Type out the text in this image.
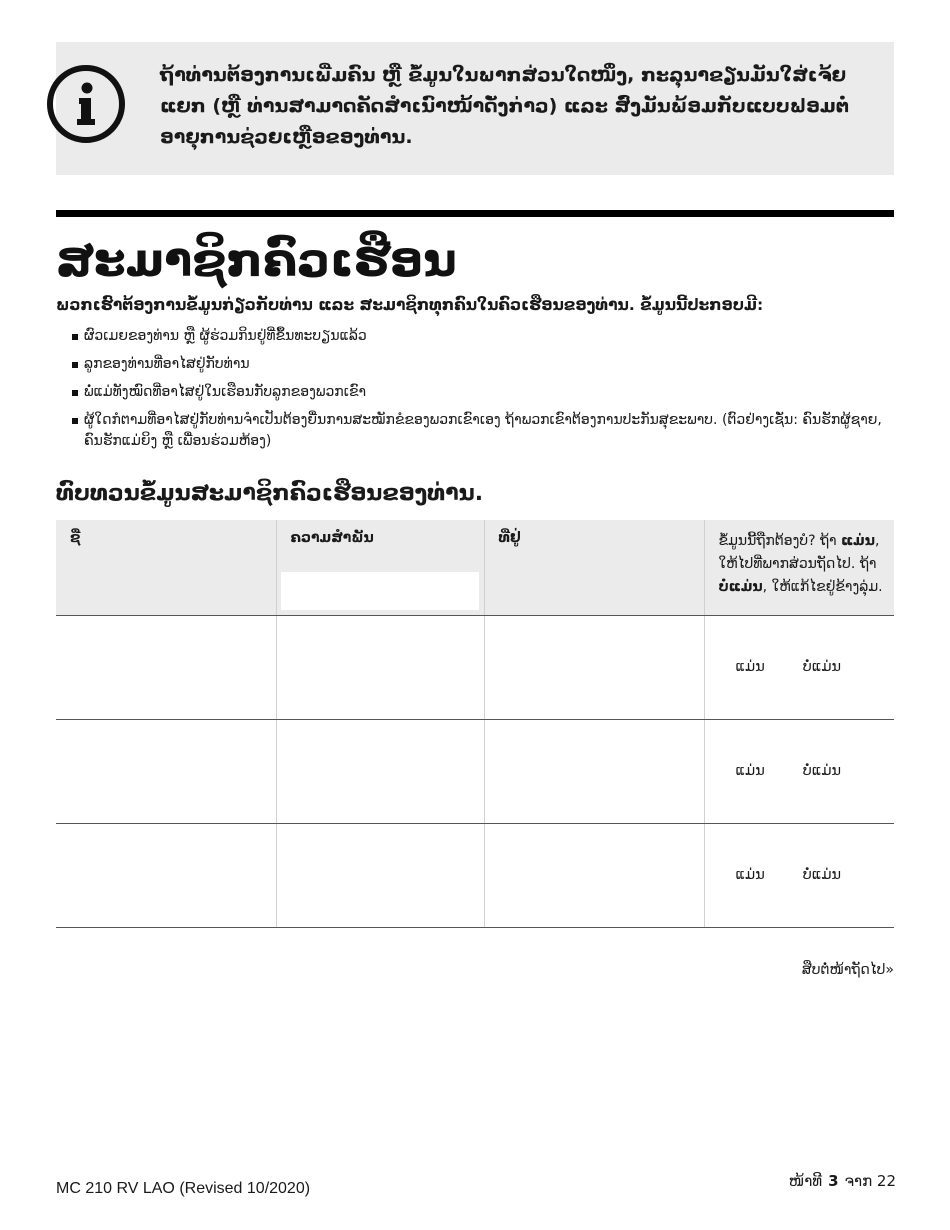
ຖ້າທ່ານຕ້ອງການເພີ່ມຄົນ ຫຼື ຂໍ້ມູນໃນພາກສ່ວນໃດໜຶ່ງ, ກະລຸນາຂຽນມັນໃສ່ເຈ້ຍແຍກ (ຫຼື ທ່ານສາມາດຄັດສຳເນົາໜ້າດັ່ງກ່າວ) ແລະ ສົ່ງມັນພ້ອມກັບແບບຟອມຕໍ່ອາຍຸການຊ່ວຍເຫຼືອຂອງທ່ານ.
ສະມາຊິກຄົວເຮືອນ
ພວກເຮົາຕ້ອງການຂໍ້ມູນກ່ຽວກັບທ່ານ ແລະ ສະມາຊິກທຸກຄົນໃນຄົວເຮືອນຂອງທ່ານ. ຂໍ້ມູນນີ້ປະກອບມີ:
ຜົວເມຍຂອງທ່ານ ຫຼື ຜູ້ຮ່ວມກິນຢູ່ທີ່ຂຶ້ນທະບຽນແລ້ວ
ລູກຂອງທ່ານທີ່ອາໄສຢູ່ກັບທ່ານ
ພໍ່ແມ່ທັງໝົດທີ່ອາໄສຢູ່ໃນເຮືອນກັບລູກຂອງພວກເຂົາ
ຜູ້ໃດກໍຕາມທີ່ອາໄສຢູ່ກັບທ່ານຈຳເປັນຕ້ອງຍື່ນການສະໝັກຂໍຂອງພວກເຂົາເອງ ຖ້າພວກເຂົາຕ້ອງການປະກັນສຸຂະພາບ. (ຕົວຢ່າງເຊັ່ນ: ຄົນຮັກຜູ້ຊາຍ, ຄົນຮັກແມ່ຍິງ ຫຼື ເພື່ອນຮ່ວມຫ້ອງ)
ທົບທວນຂໍ້ມູນສະມາຊິກຄົວເຮືອນຂອງທ່ານ.
ຊື່	ຄວາມສຳພັນ	ທີ່ຢູ່	ຂໍ້ມູນນີ້ຖືກຕ້ອງບໍ? ຖ້າ ແມ່ນ, ໃຫ້ໄປທີ່ພາກສ່ວນຖັດໄປ. ຖ້າ ບໍ່ແມ່ນ, ໃຫ້ແກ້ໄຂຢູ່ຂ້າງລຸ່ມ.

			ແມ່ນ ບໍ່ແມ່ນ

			ແມ່ນ ບໍ່ແມ່ນ

			ແມ່ນ ບໍ່ແມ່ນ
ສືບຕໍ່ໜ້າຖັດໄປ»
MC 210 RV LAO (Revised 10/2020)	ໜ້າທີ 3 ຈາກ 22
